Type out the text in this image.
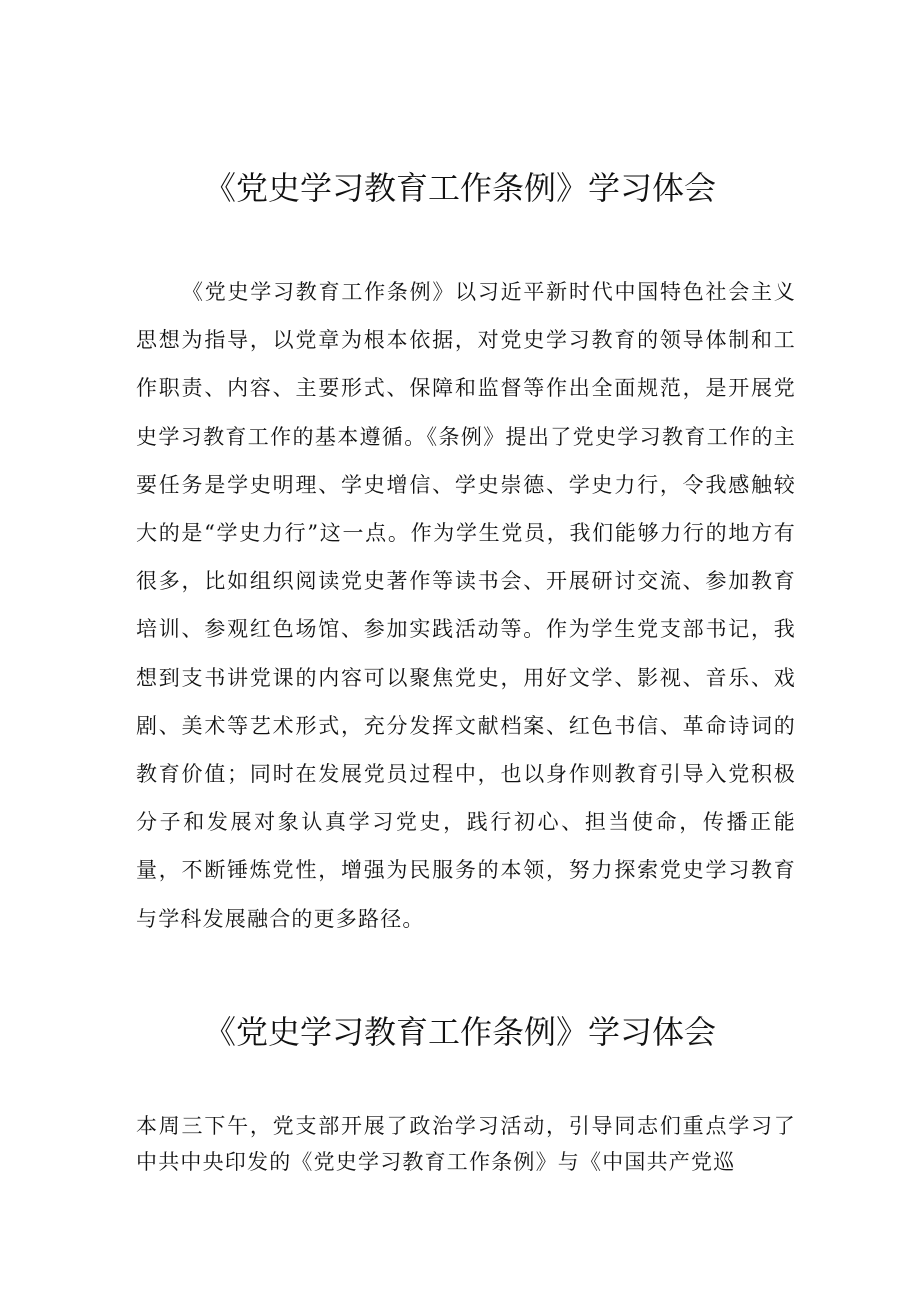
《党史学习教育工作条例》学习体会

《党史学习教育工作条例》以习近平新时代中国特色社会主义思想为指导，以党章为根本依据，对党史学习教育的领导体制和工作职责、内容、主要形式、保障和监督等作出全面规范，是开展党史学习教育工作的基本遵循。《条例》提出了党史学习教育工作的主要任务是学史明理、学史增信、学史崇德、学史力行，令我感触较大的是“学史力行”这一点。作为学生党员，我们能够力行的地方有很多，比如组织阅读党史著作等读书会、开展研讨交流、参加教育培训、参观红色场馆、参加实践活动等。作为学生党支部书记，我想到支书讲党课的内容可以聚焦党史，用好文学、影视、音乐、戏剧、美术等艺术形式，充分发挥文献档案、红色书信、革命诗词的教育价值；同时在发展党员过程中，也以身作则教育引导入党积极分子和发展对象认真学习党史，践行初心、担当使命，传播正能量，不断锤炼党性，增强为民服务的本领，努力探索党史学习教育与学科发展融合的更多路径。

《党史学习教育工作条例》学习体会

本周三下午，党支部开展了政治学习活动，引导同志们重点学习了中共中央印发的《党史学习教育工作条例》与《中国共产党巡
